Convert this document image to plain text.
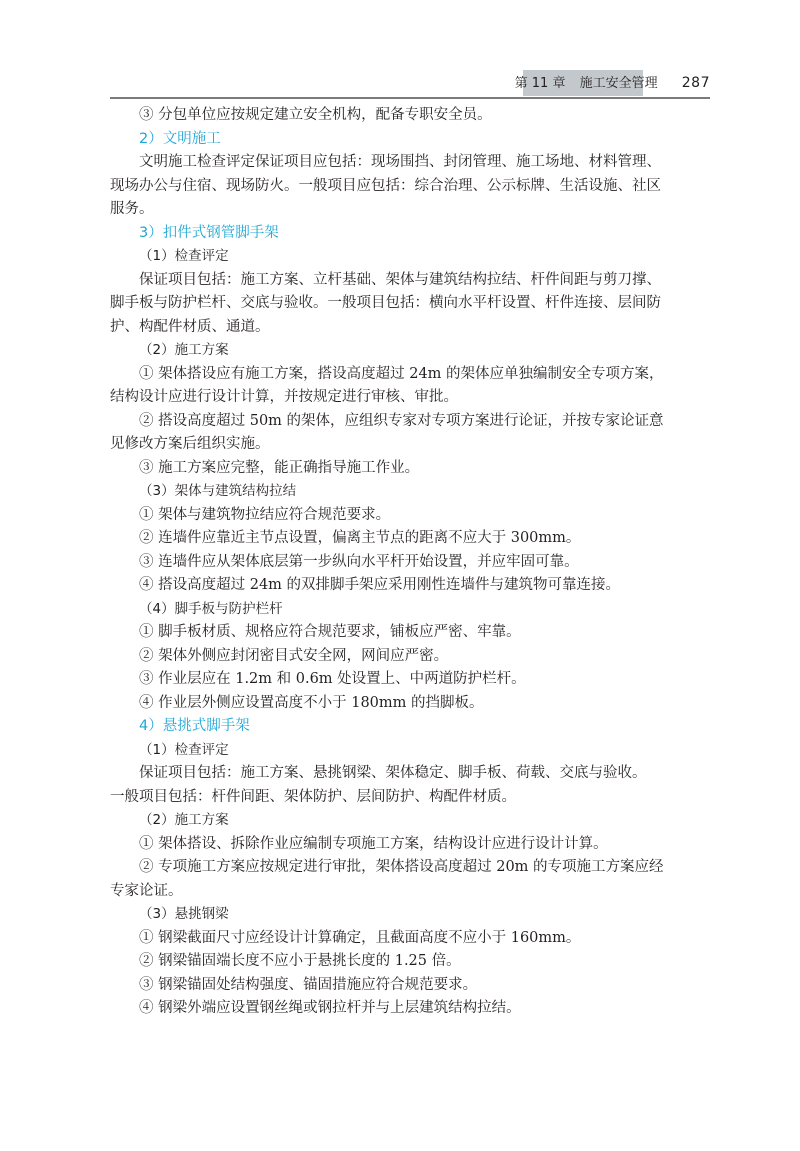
第 11 章 施工安全管理 287
③ 分包单位应按规定建立安全机构，配备专职安全员。
2）文明施工
文明施工检查评定保证项目应包括：现场围挡、封闭管理、施工场地、材料管理、
现场办公与住宿、现场防火。一般项目应包括：综合治理、公示标牌、生活设施、社区
服务。
3）扣件式钢管脚手架
（1）检查评定
保证项目包括：施工方案、立杆基础、架体与建筑结构拉结、杆件间距与剪刀撑、
脚手板与防护栏杆、交底与验收。一般项目包括：横向水平杆设置、杆件连接、层间防
护、构配件材质、通道。
（2）施工方案
① 架体搭设应有施工方案，搭设高度超过 24m 的架体应单独编制安全专项方案，
结构设计应进行设计计算，并按规定进行审核、审批。
② 搭设高度超过 50m 的架体，应组织专家对专项方案进行论证，并按专家论证意
见修改方案后组织实施。
③ 施工方案应完整，能正确指导施工作业。
（3）架体与建筑结构拉结
① 架体与建筑物拉结应符合规范要求。
② 连墙件应靠近主节点设置，偏离主节点的距离不应大于 300mm。
③ 连墙件应从架体底层第一步纵向水平杆开始设置，并应牢固可靠。
④ 搭设高度超过 24m 的双排脚手架应采用刚性连墙件与建筑物可靠连接。
（4）脚手板与防护栏杆
① 脚手板材质、规格应符合规范要求，铺板应严密、牢靠。
② 架体外侧应封闭密目式安全网，网间应严密。
③ 作业层应在 1.2m 和 0.6m 处设置上、中两道防护栏杆。
④ 作业层外侧应设置高度不小于 180mm 的挡脚板。
4）悬挑式脚手架
（1）检查评定
保证项目包括：施工方案、悬挑钢梁、架体稳定、脚手板、荷载、交底与验收。
一般项目包括：杆件间距、架体防护、层间防护、构配件材质。
（2）施工方案
① 架体搭设、拆除作业应编制专项施工方案，结构设计应进行设计计算。
② 专项施工方案应按规定进行审批，架体搭设高度超过 20m 的专项施工方案应经
专家论证。
（3）悬挑钢梁
① 钢梁截面尺寸应经设计计算确定，且截面高度不应小于 160mm。
② 钢梁锚固端长度不应小于悬挑长度的 1.25 倍。
③ 钢梁锚固处结构强度、锚固措施应符合规范要求。
④ 钢梁外端应设置钢丝绳或钢拉杆并与上层建筑结构拉结。
